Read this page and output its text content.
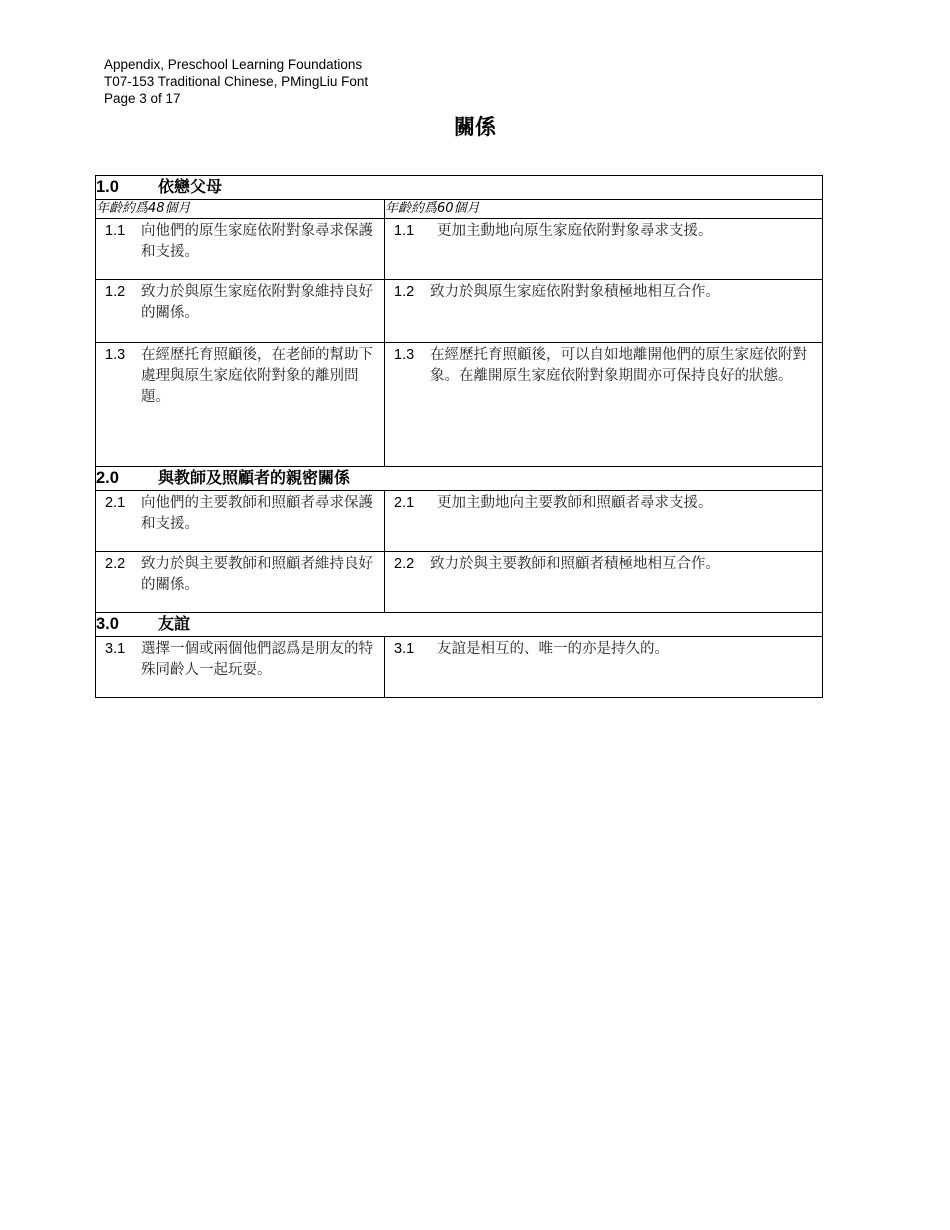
Appendix, Preschool Learning Foundations
T07-153 Traditional Chinese, PMingLiu Font
Page 3 of 17
關係
1.0 依戀父母	
年齡約爲48個月	年齡約爲60個月

1.1 向他們的原生家庭依附對象尋求保護和支援。	1.1 更加主動地向原生家庭依附對象尋求支援。

1.2 致力於與原生家庭依附對象維持良好的關係。	1.2 致力於與原生家庭依附對象積極地相互合作。

1.3 在經歷托育照顧後，在老師的幫助下處理與原生家庭依附對象的離別問題。	1.3 在經歷托育照顧後，可以自如地離開他們的原生家庭依附對象。在離開原生家庭依附對象期間亦可保持良好的狀態。

2.0 與教師及照顧者的親密關係	

2.1 向他們的主要教師和照顧者尋求保護和支援。	2.1 更加主動地向主要教師和照顧者尋求支援。

2.2 致力於與主要教師和照顧者維持良好的關係。	2.2 致力於與主要教師和照顧者積極地相互合作。

3.0 友誼	

3.1 選擇一個或兩個他們認爲是朋友的特殊同齡人一起玩耍。	3.1 友誼是相互的、唯一的亦是持久的。
